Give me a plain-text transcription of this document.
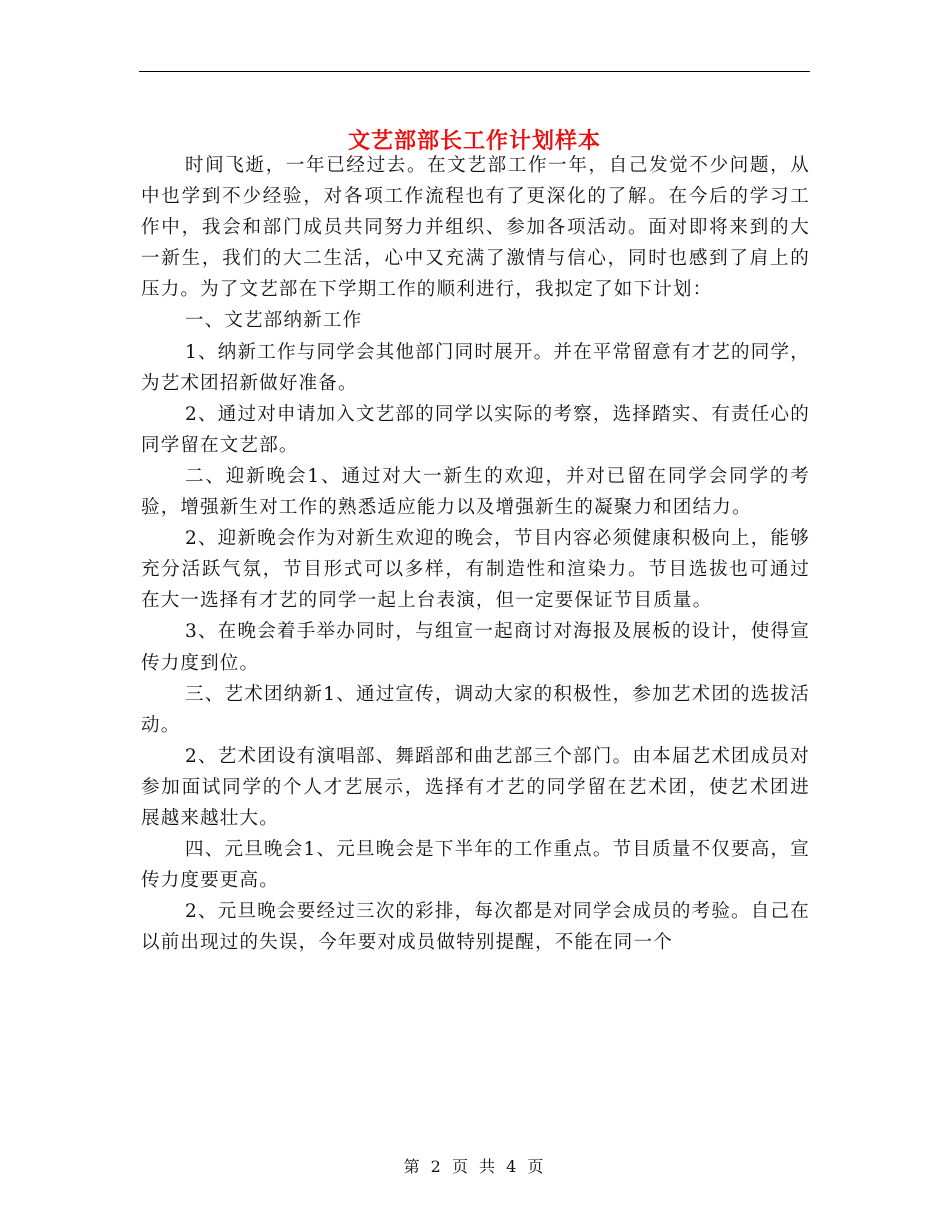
文艺部部长工作计划样本

时间飞逝，一年已经过去。在文艺部工作一年，自己发觉不少问题，从中也学到不少经验，对各项工作流程也有了更深化的了解。在今后的学习工作中，我会和部门成员共同努力并组织、参加各项活动。面对即将来到的大一新生，我们的大二生活，心中又充满了激情与信心，同时也感到了肩上的压力。为了文艺部在下学期工作的顺利进行，我拟定了如下计划：

一、文艺部纳新工作

1、纳新工作与同学会其他部门同时展开。并在平常留意有才艺的同学，为艺术团招新做好准备。

2、通过对申请加入文艺部的同学以实际的考察，选择踏实、有责任心的同学留在文艺部。

二、迎新晚会1、通过对大一新生的欢迎，并对已留在同学会同学的考验，增强新生对工作的熟悉适应能力以及增强新生的凝聚力和团结力。

2、迎新晚会作为对新生欢迎的晚会，节目内容必须健康积极向上，能够充分活跃气氛，节目形式可以多样，有制造性和渲染力。节目选拔也可通过在大一选择有才艺的同学一起上台表演，但一定要保证节目质量。

3、在晚会着手举办同时，与组宣一起商讨对海报及展板的设计，使得宣传力度到位。

三、艺术团纳新1、通过宣传，调动大家的积极性，参加艺术团的选拔活动。

2、艺术团设有演唱部、舞蹈部和曲艺部三个部门。由本届艺术团成员对参加面试同学的个人才艺展示，选择有才艺的同学留在艺术团，使艺术团进展越来越壮大。

四、元旦晚会1、元旦晚会是下半年的工作重点。节目质量不仅要高，宣传力度要更高。

2、元旦晚会要经过三次的彩排，每次都是对同学会成员的考验。自己在以前出现过的失误，今年要对成员做特别提醒，不能在同一个

第 2 页 共 4 页
